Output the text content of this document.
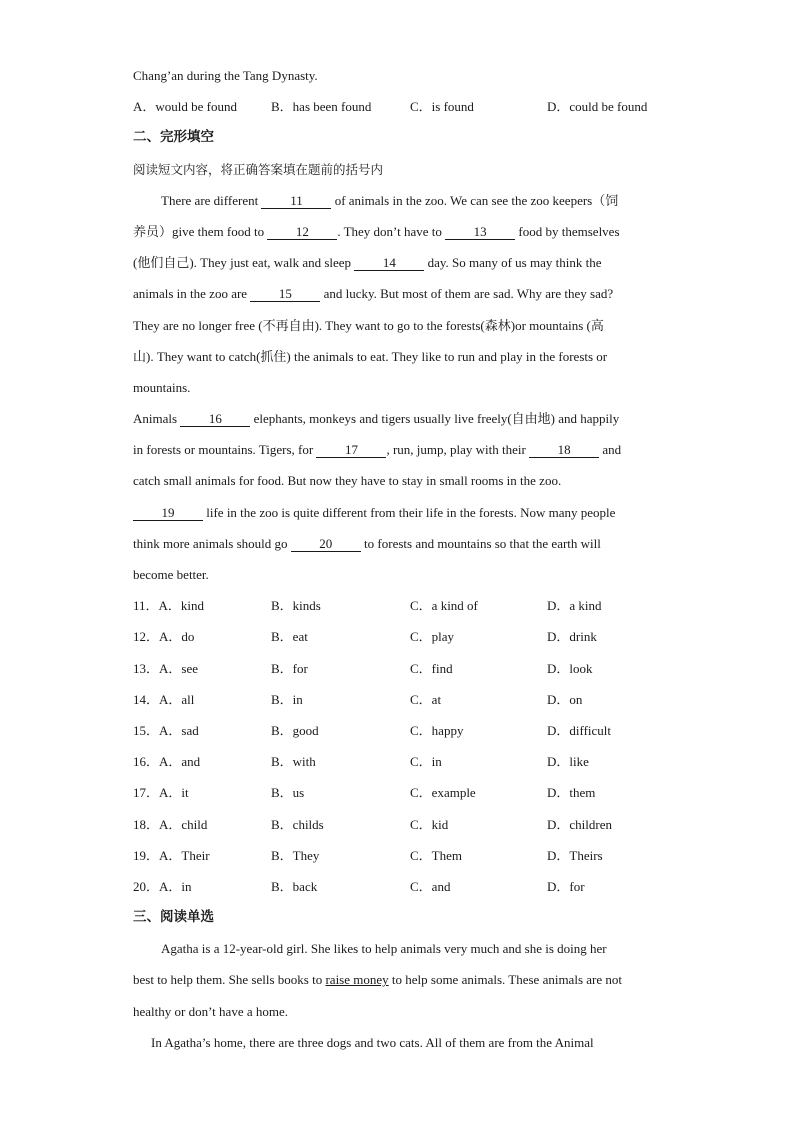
Chang’an during the Tang Dynasty.
A．would be found	B．has been found	C．is found	D．could be found
二、完形填空
阅读短文内容，将正确答案填在题前的括号内
There are different 11 of animals in the zoo. We can see the zoo keepers（饲
养员）give them food to 12 . They don’t have to 13 food by themselves
(他们自己). They just eat, walk and sleep 14 day. So many of us may think the
animals in the zoo are 15 and lucky. But most of them are sad. Why are they sad?
They are no longer free (不再自由). They want to go to the forests(森林)or mountains (高
山). They want to catch(抓住) the animals to eat. They like to run and play in the forests or
mountains.
Animals 16 elephants, monkeys and tigers usually live freely(自由地) and happily
in forests or mountains. Tigers, for 17 , run, jump, play with their 18 and
catch small animals for food. But now they have to stay in small rooms in the zoo.
19 life in the zoo is quite different from their life in the forests. Now many people
think more animals should go 20 to forests and mountains so that the earth will
become better.
11．A．kind	B．kinds	C．a kind of	D．a kind
12．A．do	B．eat	C．play	D．drink
13．A．see	B．for	C．find	D．look
14．A．all	B．in	C．at	D．on
15．A．sad	B．good	C．happy	D．difficult
16．A．and	B．with	C．in	D．like
17．A．it	B．us	C．example	D．them
18．A．child	B．childs	C．kid	D．children
19．A．Their	B．They	C．Them	D．Theirs
20．A．in	B．back	C．and	D．for
三、阅读单选
Agatha is a 12-year-old girl. She likes to help animals very much and she is doing her
best to help them. She sells books to raise money to help some animals. These animals are not
healthy or don’t have a home.
In Agatha’s home, there are three dogs and two cats. All of them are from the Animal
